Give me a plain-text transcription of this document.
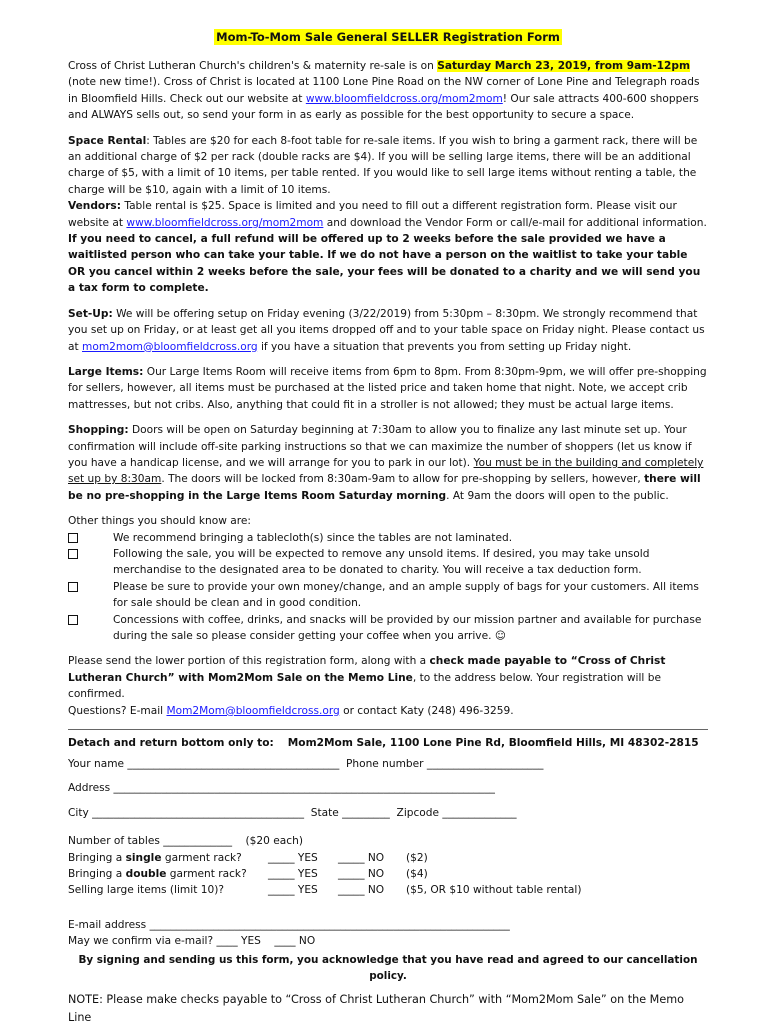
Mom-To-Mom Sale General SELLER Registration Form

Cross of Christ Lutheran Church's children's & maternity re-sale is on Saturday March 23, 2019, from 9am-12pm (note new time!). Cross of Christ is located at 1100 Lone Pine Road on the NW corner of Lone Pine and Telegraph roads in Bloomfield Hills. Check out our website at www.bloomfieldcross.org/mom2mom! Our sale attracts 400-600 shoppers and ALWAYS sells out, so send your form in as early as possible for the best opportunity to secure a space.

Space Rental: Tables are $20 for each 8-foot table for re-sale items. If you wish to bring a garment rack, there will be an additional charge of $2 per rack (double racks are $4). If you will be selling large items, there will be an additional charge of $5, with a limit of 10 items, per table rented. If you would like to sell large items without renting a table, the charge will be $10, again with a limit of 10 items.

Vendors: Table rental is $25. Space is limited and you need to fill out a different registration form. Please visit our website at www.bloomfieldcross.org/mom2mom and download the Vendor Form or call/e-mail for additional information.
If you need to cancel, a full refund will be offered up to 2 weeks before the sale provided we have a waitlisted person who can take your table. If we do not have a person on the waitlist to take your table OR you cancel within 2 weeks before the sale, your fees will be donated to a charity and we will send you a tax form to complete.

Set-Up: We will be offering setup on Friday evening (3/22/2019) from 5:30pm – 8:30pm. We strongly recommend that you set up on Friday, or at least get all you items dropped off and to your table space on Friday night. Please contact us at mom2mom@bloomfieldcross.org if you have a situation that prevents you from setting up Friday night.

Large Items: Our Large Items Room will receive items from 6pm to 8pm. From 8:30pm-9pm, we will offer pre-shopping for sellers, however, all items must be purchased at the listed price and taken home that night. Note, we accept crib mattresses, but not cribs. Also, anything that could fit in a stroller is not allowed; they must be actual large items.

Shopping: Doors will be open on Saturday beginning at 7:30am to allow you to finalize any last minute set up. Your confirmation will include off-site parking instructions so that we can maximize the number of shoppers (let us know if you have a handicap license, and we will arrange for you to park in our lot). You must be in the building and completely set up by 8:30am. The doors will be locked from 8:30am-9am to allow for pre-shopping by sellers, however, there will be no pre-shopping in the Large Items Room Saturday morning. At 9am the doors will open to the public.

Other things you should know are:
We recommend bringing a tablecloth(s) since the tables are not laminated.
Following the sale, you will be expected to remove any unsold items. If desired, you may take unsold merchandise to the designated area to be donated to charity. You will receive a tax deduction form.
Please be sure to provide your own money/change, and an ample supply of bags for your customers. All items for sale should be clean and in good condition.
Concessions with coffee, drinks, and snacks will be provided by our mission partner and available for purchase during the sale so please consider getting your coffee when you arrive. ☺

Please send the lower portion of this registration form, along with a check made payable to “Cross of Christ Lutheran Church” with Mom2Mom Sale on the Memo Line, to the address below. Your registration will be confirmed.
Questions? E-mail Mom2Mom@bloomfieldcross.org or contact Katy (248) 496-3259.

Detach and return bottom only to: Mom2Mom Sale, 1100 Lone Pine Rd, Bloomfield Hills, MI 48302-2815
Your name ________________________________________  Phone number ______________________
Address ________________________________________________________________________
City ________________________________________  State _________  Zipcode ______________
Number of tables _____________    ($20 each)
Bringing a single garment rack?	_____ YES	_____ NO	($2)
Bringing a double garment rack?	_____ YES	_____ NO	($4)
Selling large items (limit 10)?	_____ YES	_____ NO	($5, OR $10 without table rental)
E-mail address ____________________________________________________________________
May we confirm via e-mail? ____ YES    ____ NO
By signing and sending us this form, you acknowledge that you have read and agreed to our cancellation policy.
NOTE: Please make checks payable to “Cross of Christ Lutheran Church” with “Mom2Mom Sale” on the Memo Line
